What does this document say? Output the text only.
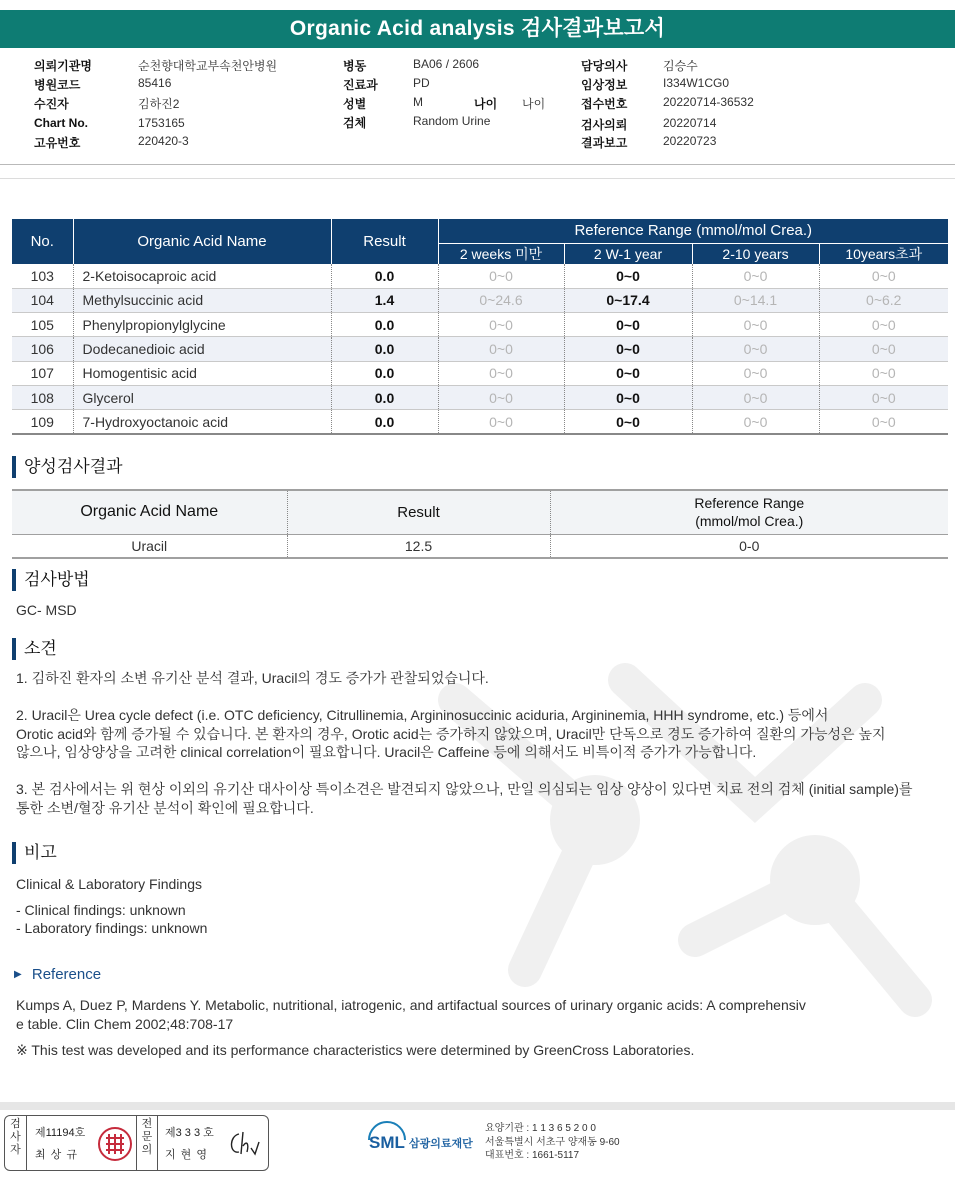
Organic Acid analysis 검사결과보고서
의뢰기관명	순천향대학교부속천안병원
병원코드	85416
수진자	김하진2
Chart No.	1753165
고유번호	220420-3
병동	BA06 / 2606
진료과	PD
성별	M	나이 나이
검체	Random Urine
담당의사	김승수
임상정보	I334W1CG0
접수번호	20220714-36532
검사의뢰	20220714
결과보고	20220723
No.	Organic Acid Name	Result	Reference Range (mmol/mol Crea.)			
			2 weeks 미만	2 W-1 year	2-10 years	10years초과
103	2-Ketoisocaproic acid	0.0	0~0	0~0	0~0	0~0
104	Methylsuccinic acid	1.4	0~24.6	0~17.4	0~14.1	0~6.2
105	Phenylpropionylglycine	0.0	0~0	0~0	0~0	0~0
106	Dodecanedioic acid	0.0	0~0	0~0	0~0	0~0
107	Homogentisic acid	0.0	0~0	0~0	0~0	0~0
108	Glycerol	0.0	0~0	0~0	0~0	0~0
109	7-Hydroxyoctanoic acid	0.0	0~0	0~0	0~0	0~0
양성검사결과
Organic Acid Name	Result	Reference Range
(mmol/mol Crea.)
Uracil	12.5	0-0
검사방법
GC- MSD
소견
1. 김하진 환자의 소변 유기산 분석 결과, Uracil의 경도 증가가 관찰되었습니다.
2. Uracil은 Urea cycle defect (i.e. OTC deficiency, Citrullinemia, Argininosuccinic aciduria, Argininemia, HHH syndrome, etc.) 등에서
Orotic acid와 함께 증가될 수 있습니다. 본 환자의 경우, Orotic acid는 증가하지 않았으며, Uracil만 단독으로 경도 증가하여 질환의 가능성은 높지
않으나, 임상양상을 고려한 clinical correlation이 필요합니다. Uracil은 Caffeine 등에 의해서도 비특이적 증가가 가능합니다.
3. 본 검사에서는 위 현상 이외의 유기산 대사이상 특이소견은 발견되지 않았으나, 만일 의심되는 임상 양상이 있다면 치료 전의 검체 (initial sample)를
통한 소변/혈장 유기산 분석이 확인에 필요합니다.
비고
Clinical & Laboratory Findings
- Clinical findings: unknown
- Laboratory findings: unknown
▶ Reference
Kumps A, Duez P, Mardens Y. Metabolic, nutritional, iatrogenic, and artifactual sources of urinary organic acids: A comprehensiv
e table. Clin Chem 2002;48:708-17
※ This test was developed and its performance characteristics were determined by GreenCross Laboratories.
검사자
제11194호
최 상 규
전문의
제3 3 3 호
지 현 영
SML 삼광의료재단
요양기관 : 1 1 3 6 5 2 0 0
서울특별시 서초구 양재동 9-60
대표번호 : 1661-5117
